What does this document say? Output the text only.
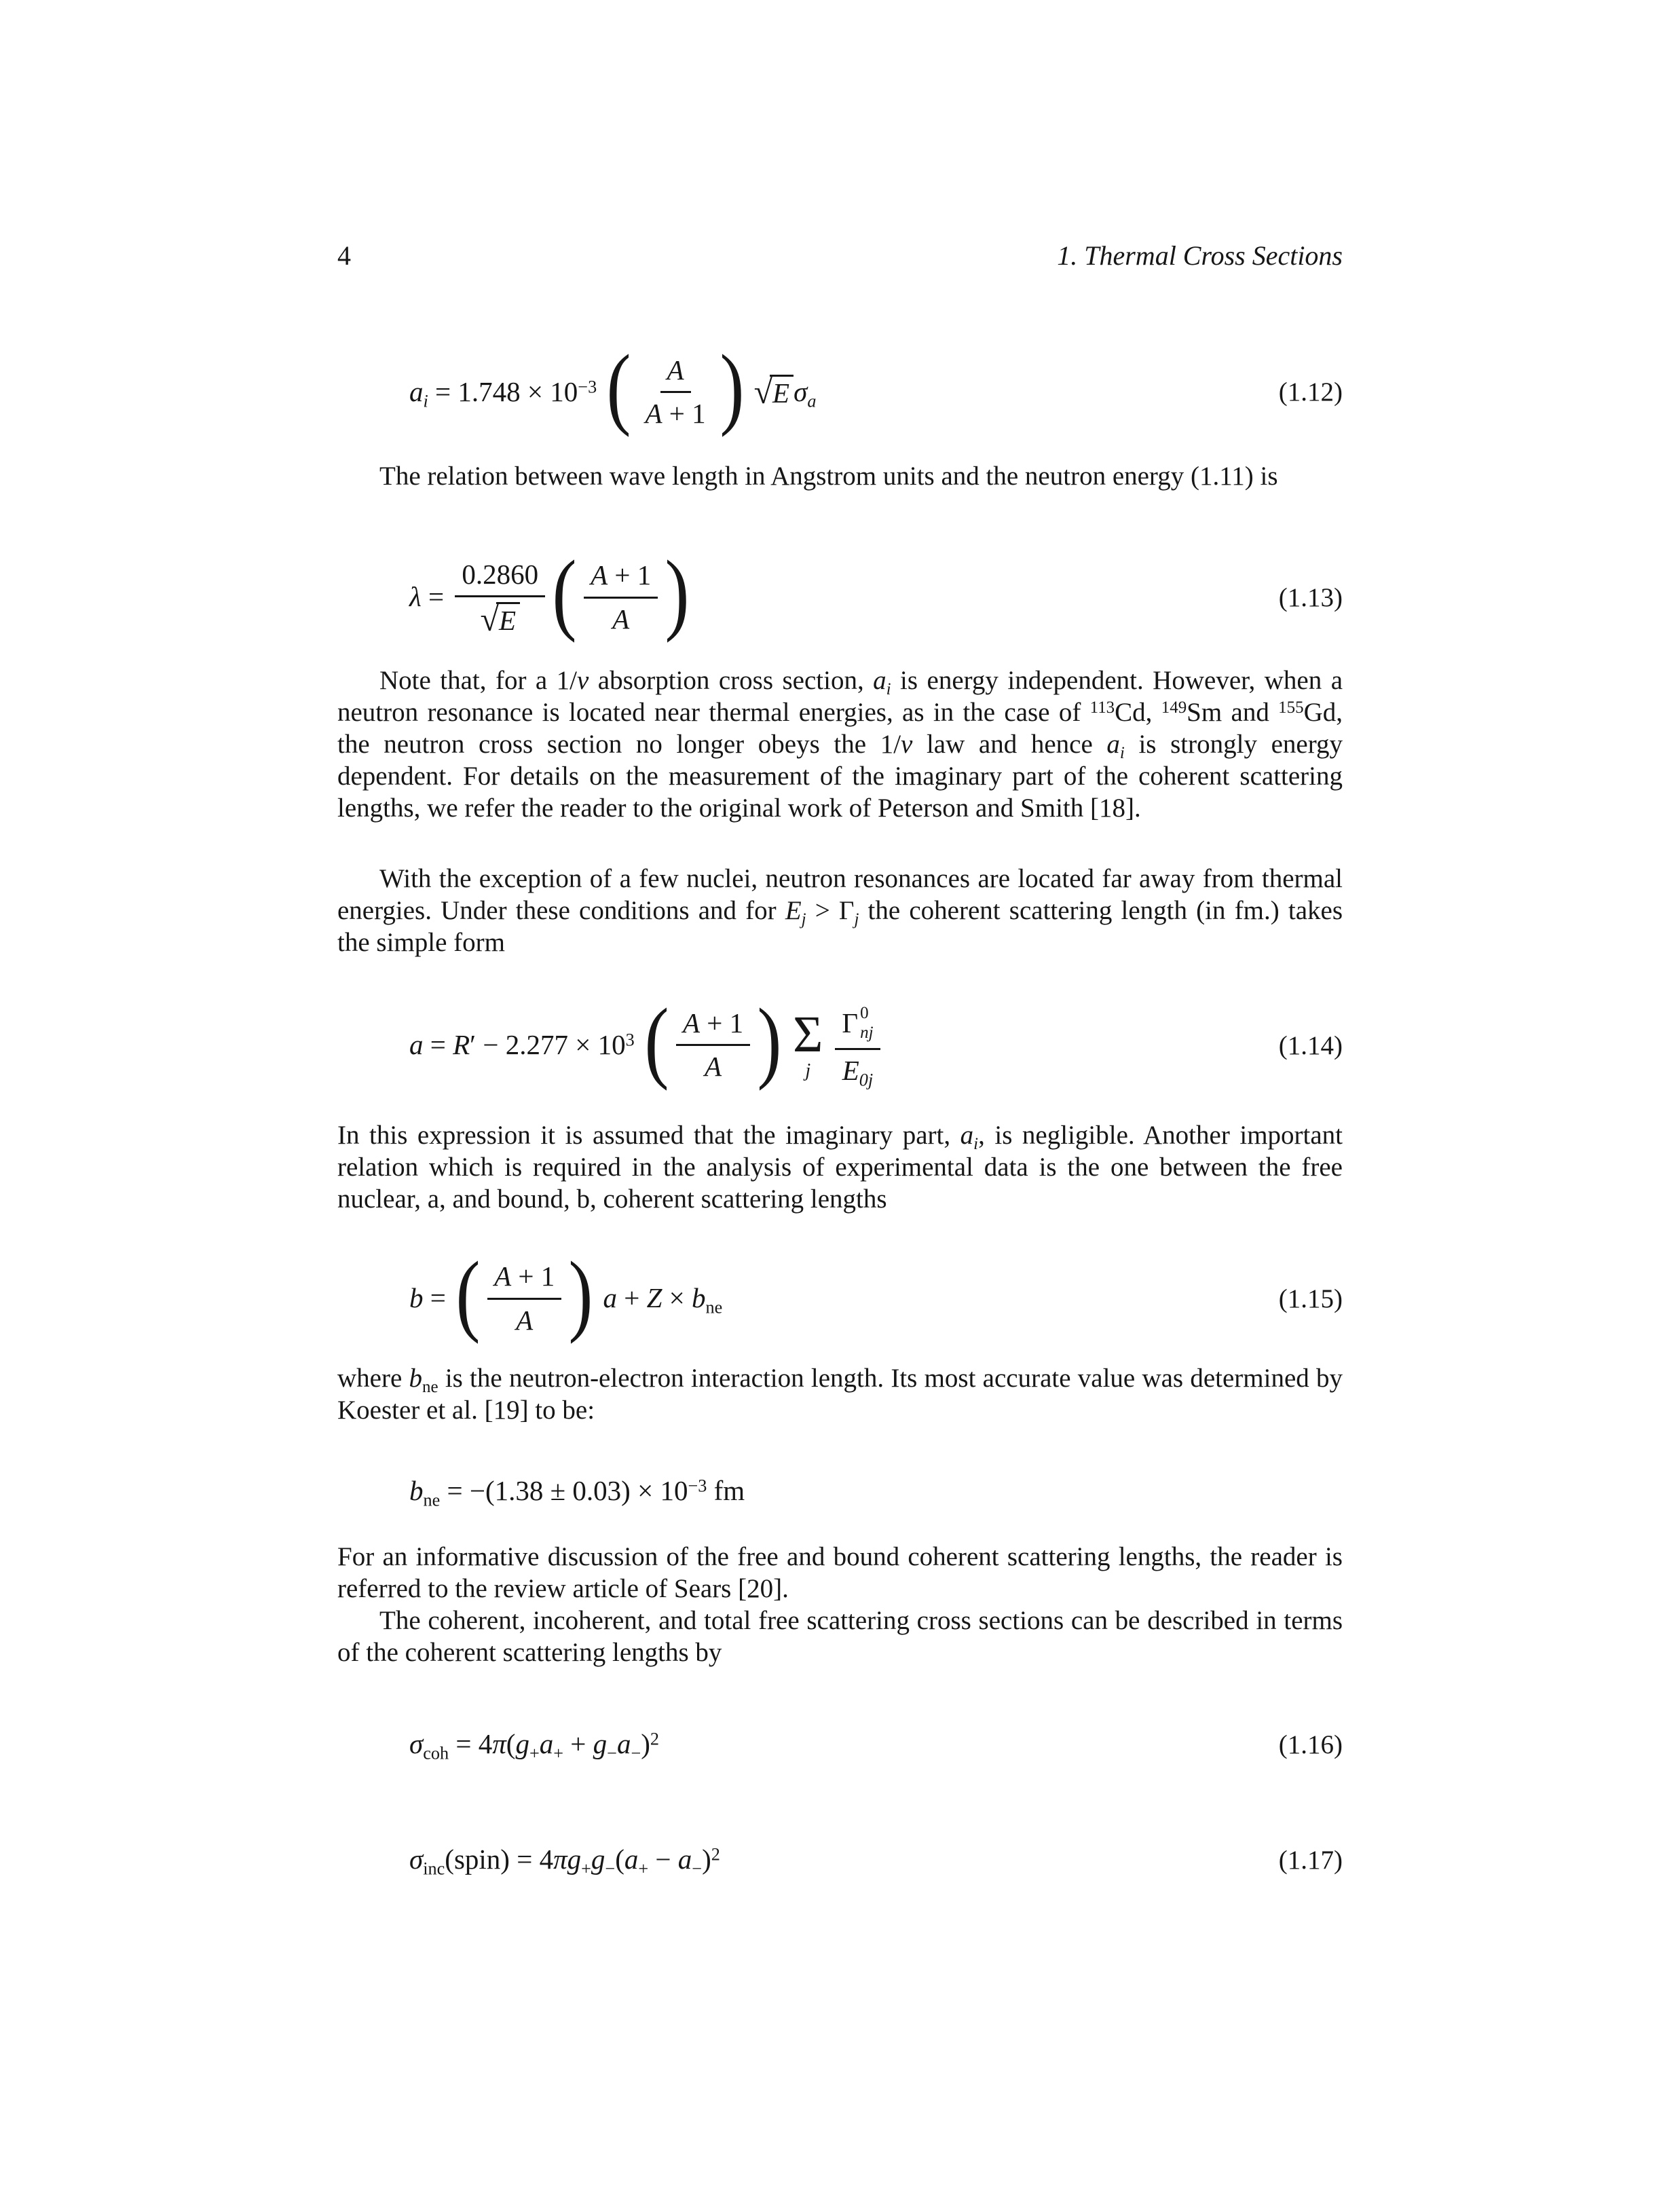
4	1. Thermal Cross Sections
$a_i = 1.748 \times 10^{-3}$ ( $\frac{A}{A + 1}$ ) √ E $\sigma_a$	(1.12)
The relation between wave length in Angstrom units and the neutron energy (1.11) is
$\lambda = \frac{0.2860}{√ E}$ ( $\frac{A + 1}{A}$ )	(1.13)
Note that, for a 1/v absorption cross section, $a_i$ is energy independent. However, when a neutron resonance is located near thermal energies, as in the case of $^{113}$Cd, $^{149}$Sm and $^{155}$Gd, the neutron cross section no longer obeys the 1/v law and hence $a_i$ is strongly energy dependent. For details on the measurement of the imaginary part of the coherent scattering lengths, we refer the reader to the original work of Peterson and Smith [18].
With the exception of a few nuclei, neutron resonances are located far away from thermal energies. Under these conditions and for $E_j > \Gamma_j$ the coherent scattering length (in fm.) takes the simple form
$a = R' - 2.277 \times 10^3$ ( $\frac{A + 1}{A}$ ) Σ
j Γ 0
nj
$E_{0j}$	(1.14)
In this expression it is assumed that the imaginary part, $a_i$, is negligible. Another important relation which is required in the analysis of experimental data is the one between the free nuclear, a, and bound, b, coherent scattering lengths
b = ( $\frac{A + 1}{A}$ ) $a + Z \times b_{ne}$	(1.15)
where $b_{ne}$ is the neutron-electron interaction length. Its most accurate value was determined by Koester et al. [19] to be:
$b_{ne} = -(1.38 \pm 0.03) \times 10^{-3}$ fm
For an informative discussion of the free and bound coherent scattering lengths, the reader is referred to the review article of Sears [20].
The coherent, incoherent, and total free scattering cross sections can be described in terms of the coherent scattering lengths by
$\sigma_{coh} = 4\pi(g_+a_+ + g_-a_-)^2$	(1.16)
$\sigma_{inc}(spin) = 4\pi g_+g_-(a_+ - a_-)^2$	(1.17)
